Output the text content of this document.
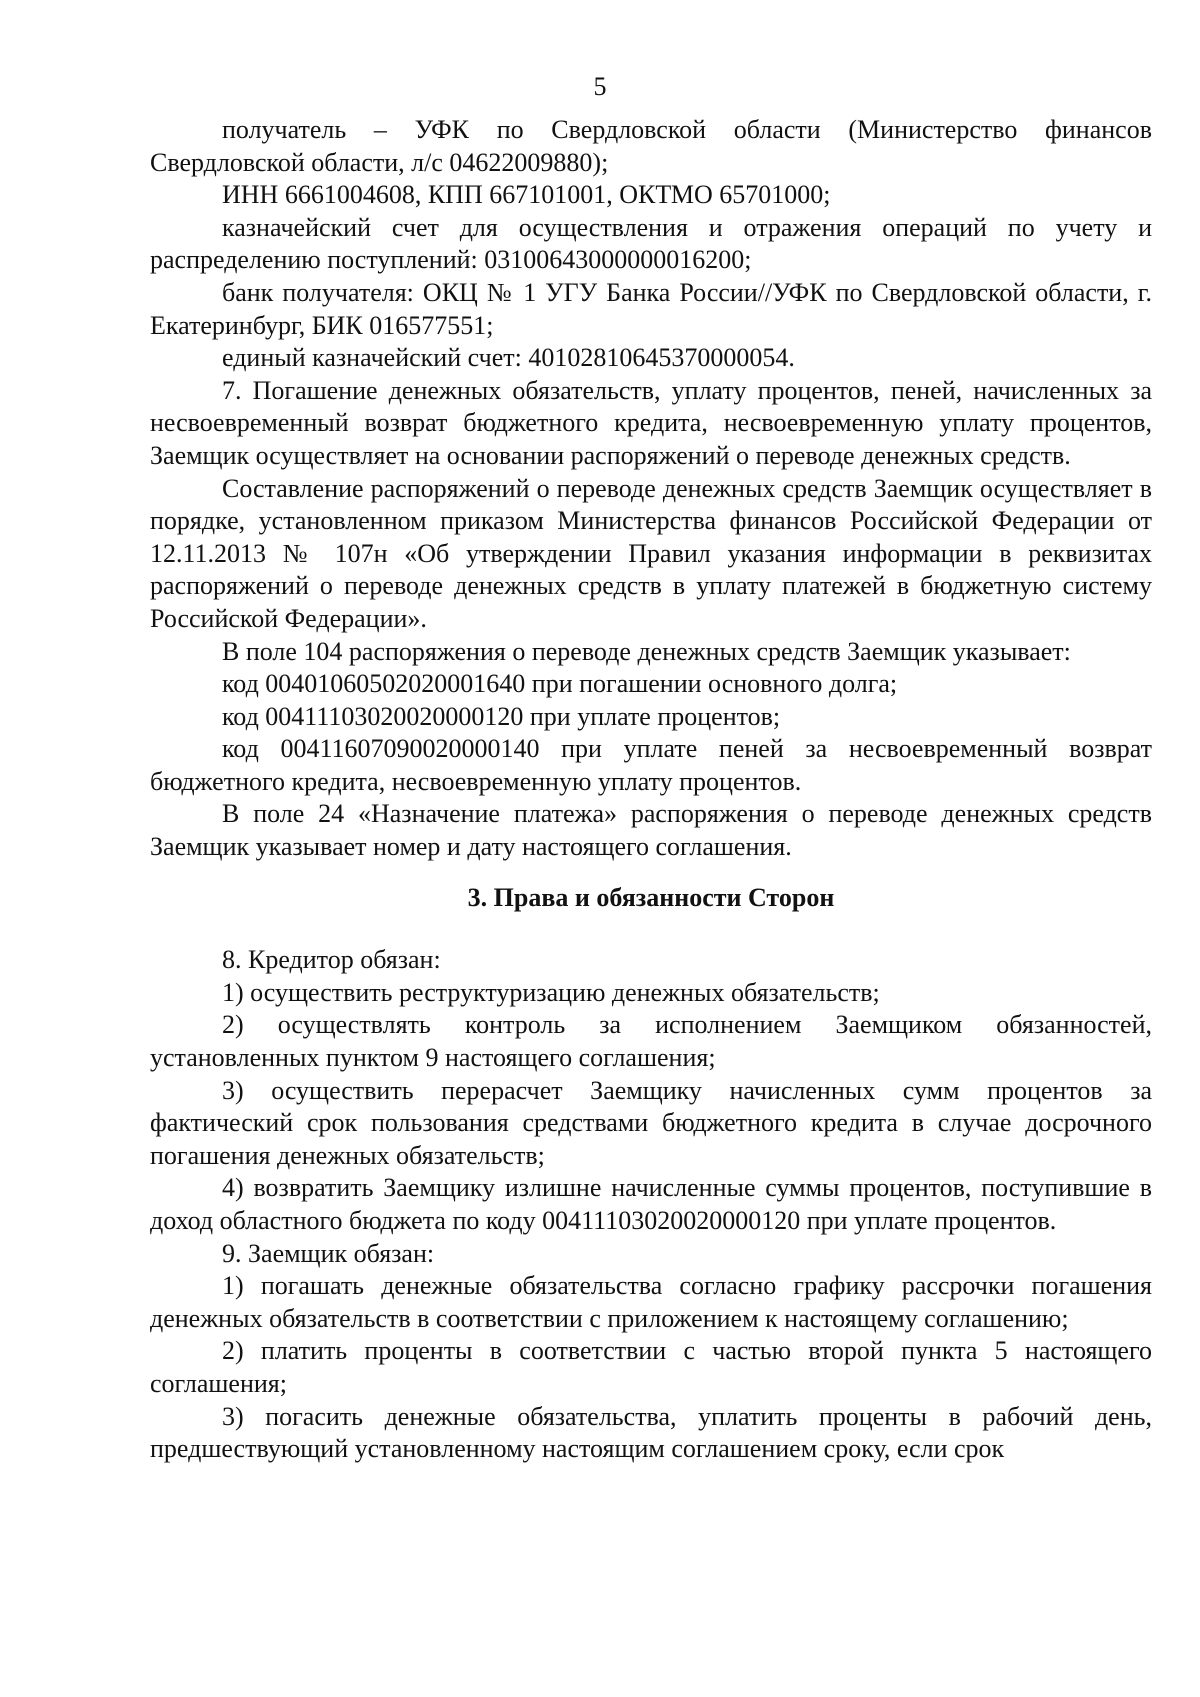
5

получатель – УФК по Свердловской области (Министерство финансов Свердловской области, л/с 04622009880);

ИНН 6661004608, КПП 667101001, ОКТМО 65701000;

казначейский счет для осуществления и отражения операций по учету и распределению поступлений: 03100643000000016200;

банк получателя: ОКЦ № 1 УГУ Банка России//УФК по Свердловской области, г. Екатеринбург, БИК 016577551;

единый казначейский счет: 40102810645370000054.

7. Погашение денежных обязательств, уплату процентов, пеней, начисленных за несвоевременный возврат бюджетного кредита, несвоевременную уплату процентов, Заемщик осуществляет на основании распоряжений о переводе денежных средств.

Составление распоряжений о переводе денежных средств Заемщик осуществляет в порядке, установленном приказом Министерства финансов Российской Федерации от 12.11.2013 № 107н «Об утверждении Правил указания информации в реквизитах распоряжений о переводе денежных средств в уплату платежей в бюджетную систему Российской Федерации».

В поле 104 распоряжения о переводе денежных средств Заемщик указывает:

код 00401060502020001640 при погашении основного долга;

код 00411103020020000120 при уплате процентов;

код 00411607090020000140 при уплате пеней за несвоевременный возврат бюджетного кредита, несвоевременную уплату процентов.

В поле 24 «Назначение платежа» распоряжения о переводе денежных средств Заемщик указывает номер и дату настоящего соглашения.

3. Права и обязанности Сторон

8. Кредитор обязан:

1) осуществить реструктуризацию денежных обязательств;

2) осуществлять контроль за исполнением Заемщиком обязанностей, установленных пунктом 9 настоящего соглашения;

3) осуществить перерасчет Заемщику начисленных сумм процентов за фактический срок пользования средствами бюджетного кредита в случае досрочного погашения денежных обязательств;

4) возвратить Заемщику излишне начисленные суммы процентов, поступившие в доход областного бюджета по коду 00411103020020000120 при уплате процентов.

9. Заемщик обязан:

1) погашать денежные обязательства согласно графику рассрочки погашения денежных обязательств в соответствии с приложением к настоящему соглашению;

2) платить проценты в соответствии с частью второй пункта 5 настоящего соглашения;

3) погасить денежные обязательства, уплатить проценты в рабочий день, предшествующий установленному настоящим соглашением сроку, если срок
